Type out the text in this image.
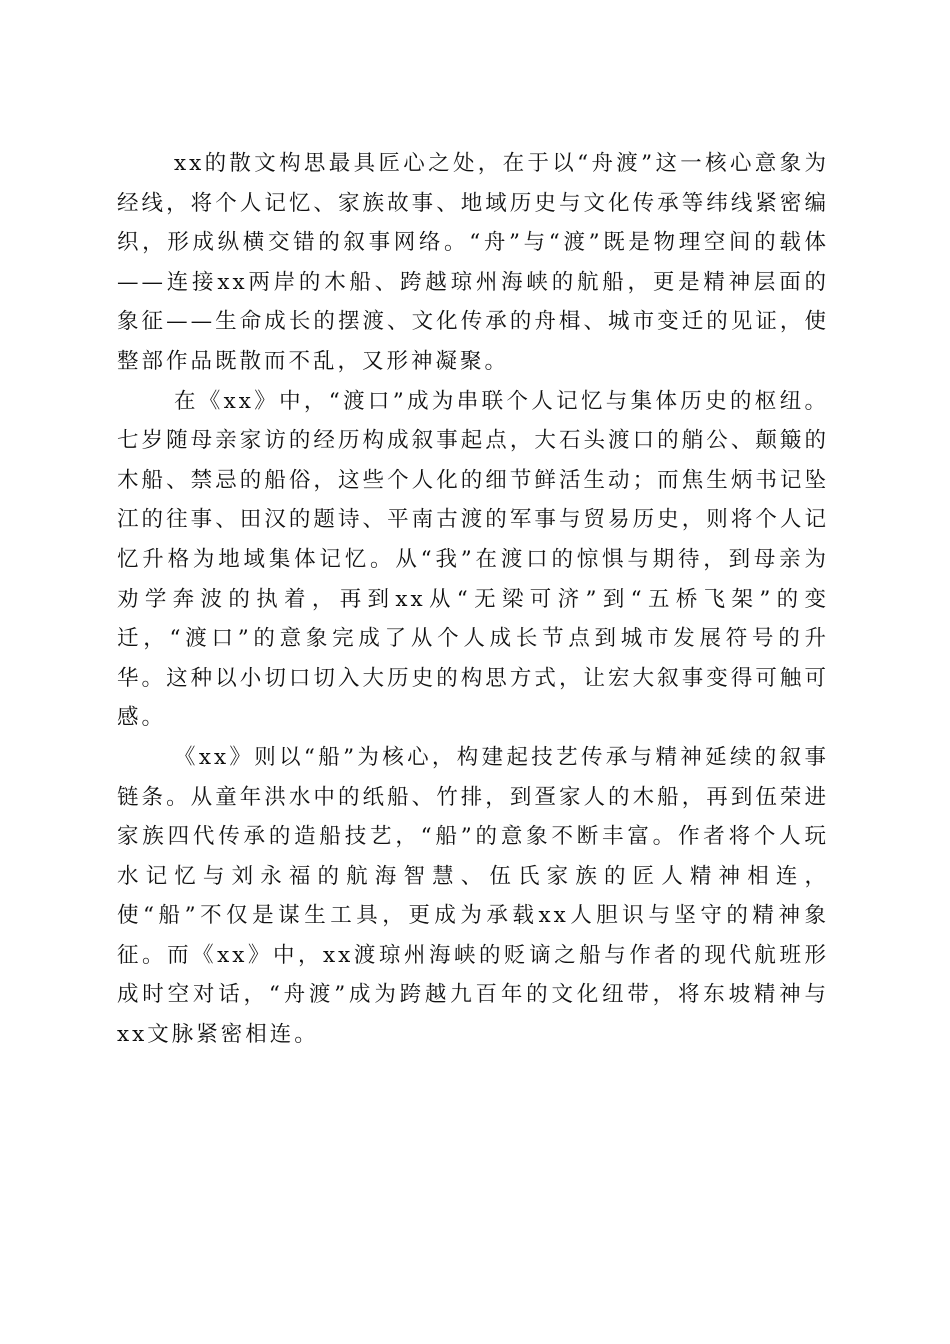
xx的散文构思最具匠心之处，在于以“舟渡”这一核心意象为经线，将个人记忆、家族故事、地域历史与文化传承等纬线紧密编织，形成纵横交错的叙事网络。“舟”与“渡”既是物理空间的载体——连接xx两岸的木船、跨越琼州海峡的航船，更是精神层面的象征——生命成长的摆渡、文化传承的舟楫、城市变迁的见证，使整部作品既散而不乱，又形神凝聚。

在《xx》中，“渡口”成为串联个人记忆与集体历史的枢纽。七岁随母亲家访的经历构成叙事起点，大石头渡口的艄公、颠簸的木船、禁忌的船俗，这些个人化的细节鲜活生动；而焦生炳书记坠江的往事、田汉的题诗、平南古渡的军事与贸易历史，则将个人记忆升格为地域集体记忆。从“我”在渡口的惊惧与期待，到母亲为劝学奔波的执着，再到xx从“无梁可济”到“五桥飞架”的变迁，“渡口”的意象完成了从个人成长节点到城市发展符号的升华。这种以小切口切入大历史的构思方式，让宏大叙事变得可触可感。

《xx》则以“船”为核心，构建起技艺传承与精神延续的叙事链条。从童年洪水中的纸船、竹排，到疍家人的木船，再到伍荣进家族四代传承的造船技艺，“船”的意象不断丰富。作者将个人玩水记忆与刘永福的航海智慧、伍氏家族的匠人精神相连，使“船”不仅是谋生工具，更成为承载xx人胆识与坚守的精神象征。而《xx》中，xx渡琼州海峡的贬谪之船与作者的现代航班形成时空对话，“舟渡”成为跨越九百年的文化纽带，将东坡精神与xx文脉紧密相连。
